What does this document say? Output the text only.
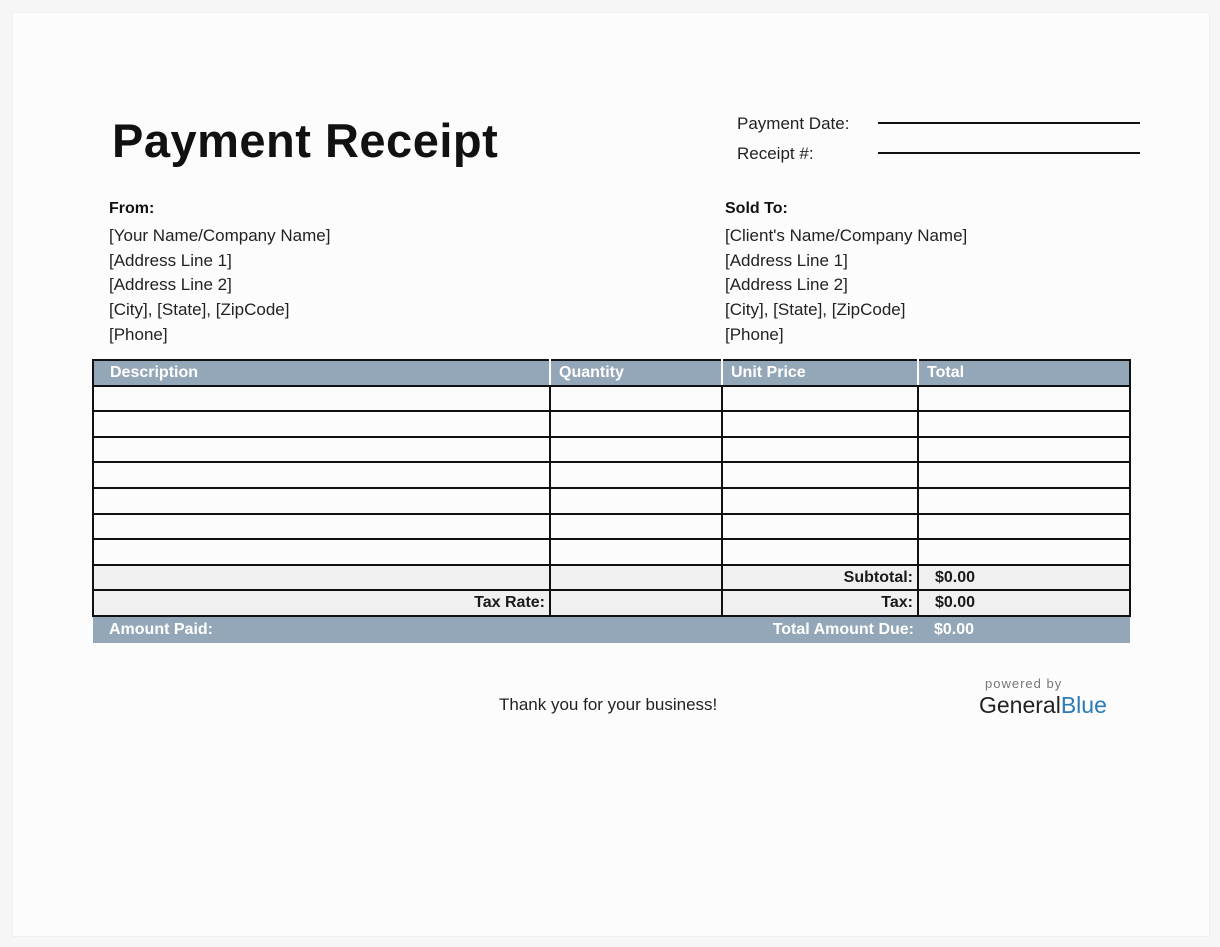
Payment Receipt	Payment Date:
Receipt #:
From:
[Your Name/Company Name]
[Address Line 1]
[Address Line 2]
[City], [State], [ZipCode]
[Phone]
Sold To:
[Client's Name/Company Name]
[Address Line 1]
[Address Line 2]
[City], [State], [ZipCode]
[Phone]
Description	Quantity	Unit Price	Total

		Subtotal:	$0.00
Tax Rate:		Tax:	$0.00
Amount Paid:		Total Amount Due:	$0.00
Thank you for your business!
powered by
GeneralBlue
